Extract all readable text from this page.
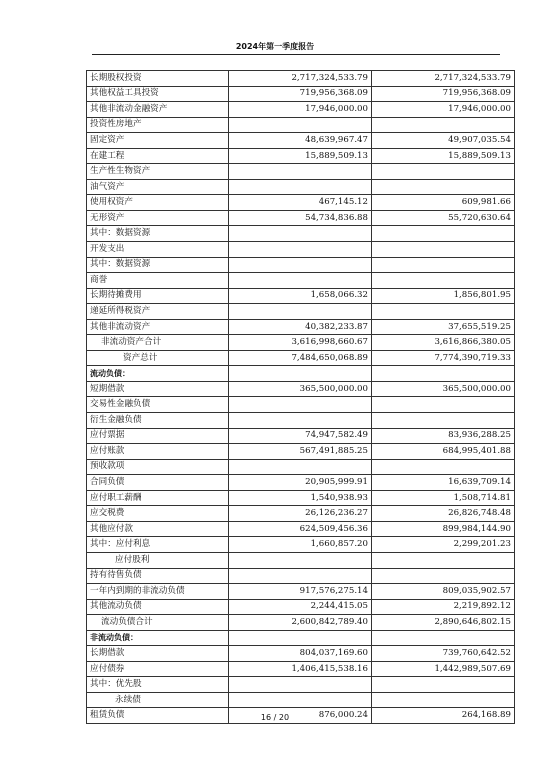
2024年第一季度报告
长期股权投资	2,717,324,533.79	2,717,324,533.79
其他权益工具投资	719,956,368.09	719,956,368.09
其他非流动金融资产	17,946,000.00	17,946,000.00
投资性房地产		
固定资产	48,639,967.47	49,907,035.54
在建工程	15,889,509.13	15,889,509.13
生产性生物资产		
油气资产		
使用权资产	467,145.12	609,981.66
无形资产	54,734,836.88	55,720,630.64
其中：数据资源		
开发支出		
其中：数据资源		
商誉		
长期待摊费用	1,658,066.32	1,856,801.95
递延所得税资产		
其他非流动资产	40,382,233.87	37,655,519.25
非流动资产合计	3,616,998,660.67	3,616,866,380.05
资产总计	7,484,650,068.89	7,774,390,719.33
流动负债：		
短期借款	365,500,000.00	365,500,000.00
交易性金融负债		
衍生金融负债		
应付票据	74,947,582.49	83,936,288.25
应付账款	567,491,885.25	684,995,401.88
预收款项		
合同负债	20,905,999.91	16,639,709.14
应付职工薪酬	1,540,938.93	1,508,714.81
应交税费	26,126,236.27	26,826,748.48
其他应付款	624,509,456.36	899,984,144.90
其中：应付利息	1,660,857.20	2,299,201.23
应付股利		
持有待售负债		
一年内到期的非流动负债	917,576,275.14	809,035,902.57
其他流动负债	2,244,415.05	2,219,892.12
流动负债合计	2,600,842,789.40	2,890,646,802.15
非流动负债：		
长期借款	804,037,169.60	739,760,642.52
应付债券	1,406,415,538.16	1,442,989,507.69
其中：优先股		
永续债		
租赁负债	876,000.24	264,168.89
16 / 20
